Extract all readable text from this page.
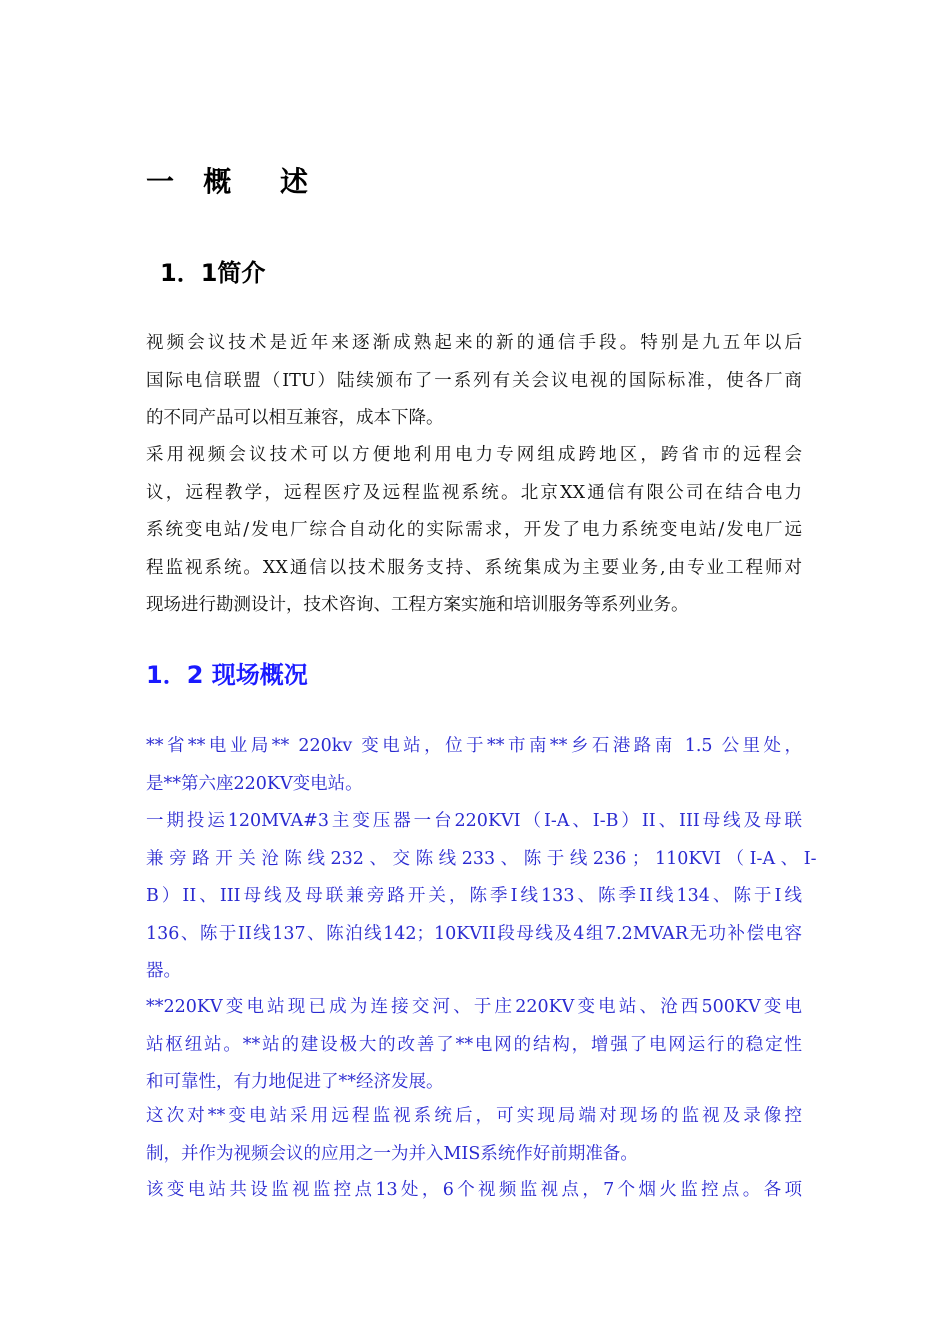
一   概     述
1．1简介
视频会议技术是近年来逐渐成熟起来的新的通信手段。特别是九五年以后
国际电信联盟（ITU）陆续颁布了一系列有关会议电视的国际标准，使各厂商
的不同产品可以相互兼容，成本下降。
采用视频会议技术可以方便地利用电力专网组成跨地区，跨省市的远程会
议，远程教学，远程医疗及远程监视系统。北京XX通信有限公司在结合电力
系统变电站/发电厂综合自动化的实际需求，开发了电力系统变电站/发电厂远
程监视系统。XX通信以技术服务支持、系统集成为主要业务,由专业工程师对
现场进行勘测设计，技术咨询、工程方案实施和培训服务等系列业务。
1．2 现场概况
**省**电业局** 220kv 变电站，位于**市南**乡石港路南 1.5 公里处，
是**第六座220KV变电站。
一期投运120MVA#3主变压器一台220KVI（I-A、I-B）II、III母线及母联
兼 旁 路 开 关 沧 陈 线 232 、 交 陈 线 233 、 陈 于 线 236 ； 110KVI （ I-A 、 I-
B）II、III母线及母联兼旁路开关，陈季I线133、陈季II线134、陈于I线
136、陈于II线137、陈泊线142；10KVII段母线及4组7.2MVAR无功补偿电容
器。
**220KV变电站现已成为连接交河、于庄220KV变电站、沧西500KV变电
站枢纽站。**站的建设极大的改善了**电网的结构，增强了电网运行的稳定性
和可靠性，有力地促进了**经济发展。
这次对**变电站采用远程监视系统后，可实现局端对现场的监视及录像控
制，并作为视频会议的应用之一为并入MIS系统作好前期准备。
该变电站共设监视监控点13处，6个视频监视点，7个烟火监控点。各项
